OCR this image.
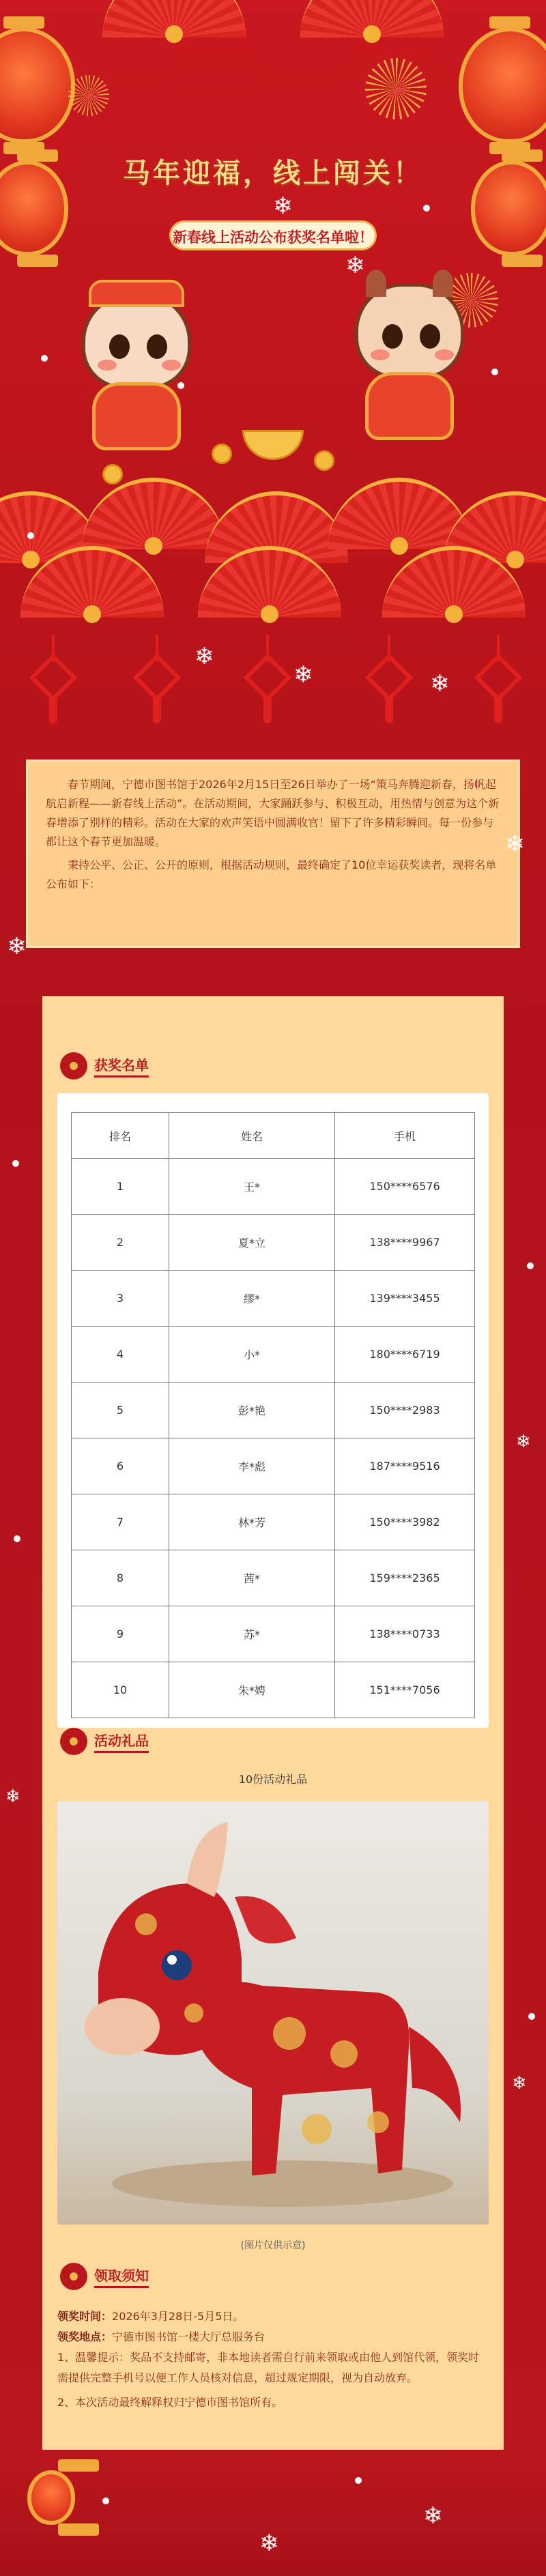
马年迎福，线上闯关！
新春线上活动公布获奖名单啦！
❄
❄
❄
❄	❄

春节期间，宁德市图书馆于2026年2月15日至26日举办了一场“策马奔腾迎新春，扬帆起航启新程——新春线上活动”。在活动期间，大家踊跃参与、积极互动，用热情与创意为这个新春增添了别样的精彩。活动在大家的欢声笑语中圆满收官！留下了许多精彩瞬间。每一份参与都让这个春节更加温暖。

秉持公平、公正、公开的原则，根据活动规则，最终确定了10位幸运获奖读者，现将名单公布如下：

❄
❄
获奖名单
排名	姓名	手机
1	王*	150****6576
2	夏*立	138****9967
3	缪*	139****3455
4	小*	180****6719
5	彭*艳	150****2983
6	李*彪	187****9516
7	林*芳	150****3982
8	茜*	159****2365
9	苏*	138****0733
10	朱*娉	151****7056
活动礼品
10份活动礼品
(图片仅供示意)
领取须知

领奖时间：2026年3月28日-5月5日。

领奖地点：宁德市图书馆一楼大厅总服务台

1、温馨提示：奖品不支持邮寄，非本地读者需自行前来领取或由他人到馆代领，领奖时需提供完整手机号以便工作人员核对信息，超过规定期限，视为自动放弃。

2、本次活动最终解释权归宁德市图书馆所有。

❄
❄
❄
❄
❄
